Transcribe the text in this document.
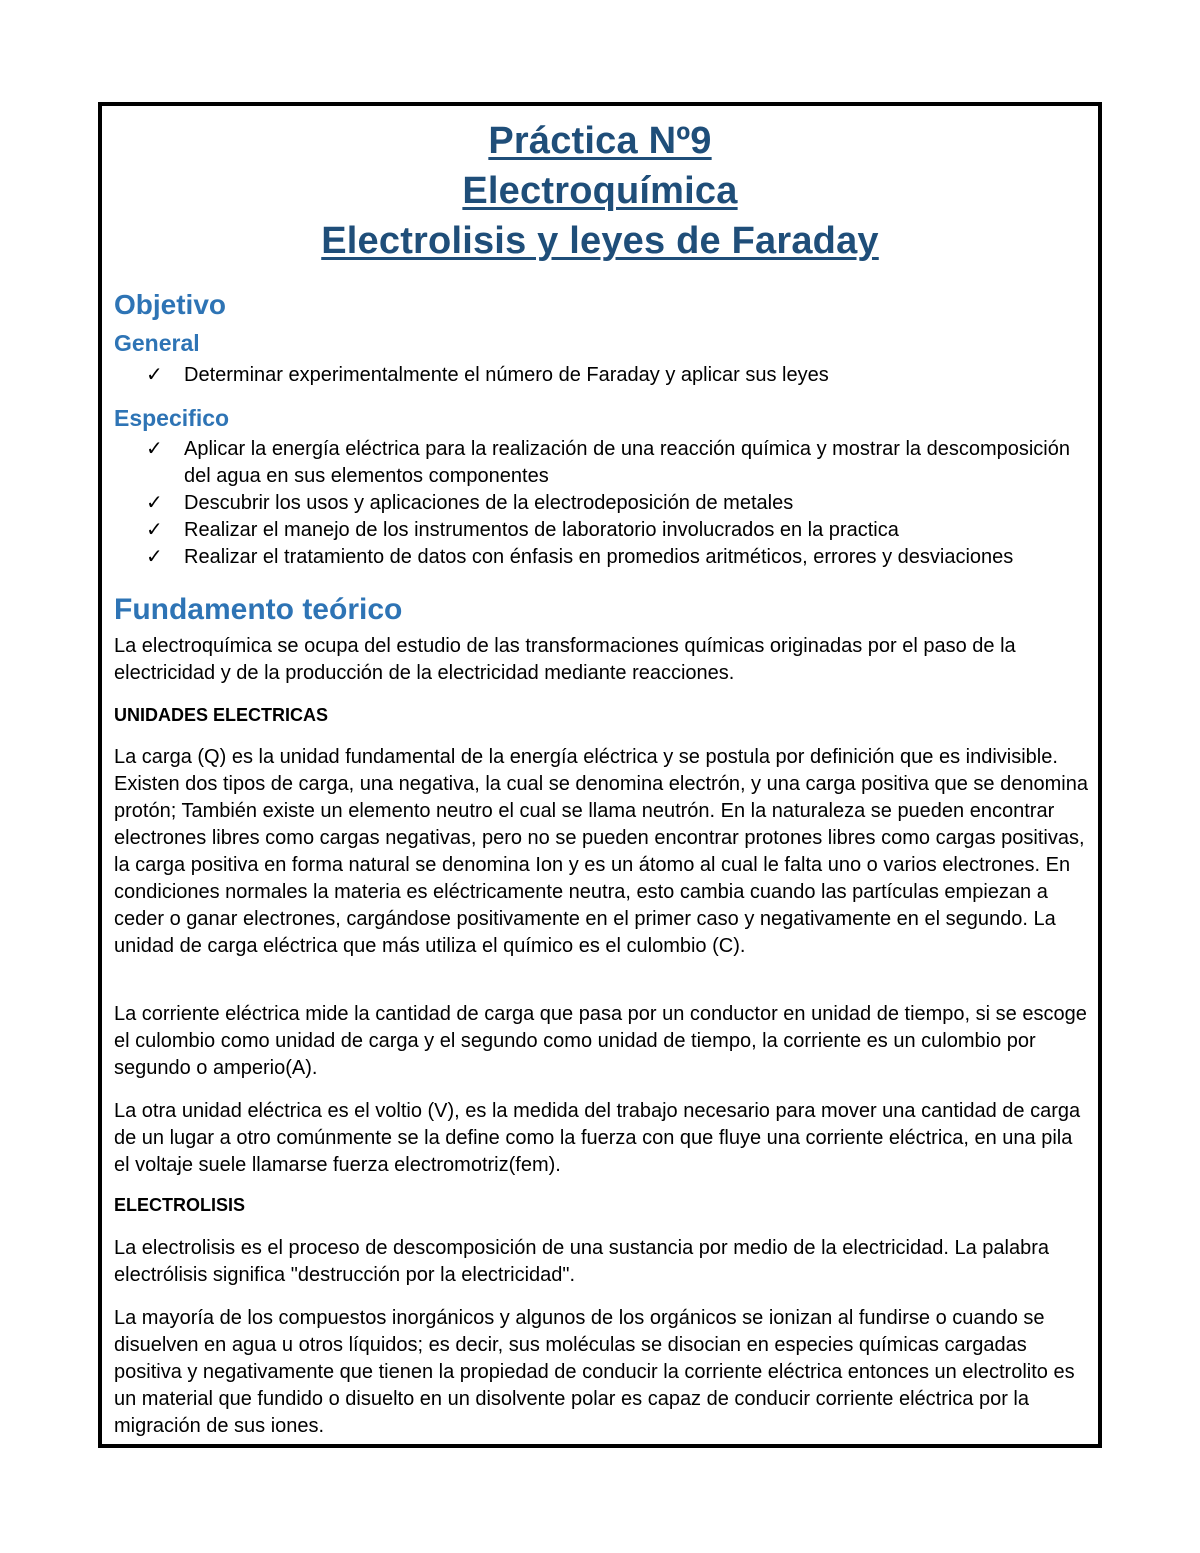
Práctica Nº9
Electroquímica
Electrolisis y leyes de Faraday
Objetivo
General
✓ Determinar experimentalmente el número de Faraday y aplicar sus leyes
Especifico
✓ Aplicar la energía eléctrica para la realización de una reacción química y mostrar la descomposición del agua en sus elementos componentes
✓ Descubrir los usos y aplicaciones de la electrodeposición de metales
✓ Realizar el manejo de los instrumentos de laboratorio involucrados en la practica
✓ Realizar el tratamiento de datos con énfasis en promedios aritméticos, errores y desviaciones
Fundamento teórico

La electroquímica se ocupa del estudio de las transformaciones químicas originadas por el paso de la electricidad y de la producción de la electricidad mediante reacciones.

UNIDADES ELECTRICAS

La carga (Q) es la unidad fundamental de la energía eléctrica y se postula por definición que es indivisible. Existen dos tipos de carga, una negativa, la cual se denomina electrón, y una carga positiva que se denomina protón; También existe un elemento neutro el cual se llama neutrón. En la naturaleza se pueden encontrar electrones libres como cargas negativas, pero no se pueden encontrar protones libres como cargas positivas, la carga positiva en forma natural se denomina Ion y es un átomo al cual le falta uno o varios electrones. En condiciones normales la materia es eléctricamente neutra, esto cambia cuando las partículas empiezan a ceder o ganar electrones, cargándose positivamente en el primer caso y negativamente en el segundo. La unidad de carga eléctrica que más utiliza el químico es el culombio (C).

La corriente eléctrica mide la cantidad de carga que pasa por un conductor en unidad de tiempo, si se escoge el culombio como unidad de carga y el segundo como unidad de tiempo, la corriente es un culombio por segundo o amperio(A).

La otra unidad eléctrica es el voltio (V), es la medida del trabajo necesario para mover una cantidad de carga de un lugar a otro comúnmente se la define como la fuerza con que fluye una corriente eléctrica, en una pila el voltaje suele llamarse fuerza electromotriz(fem).

ELECTROLISIS

La electrolisis es el proceso de descomposición de una sustancia por medio de la electricidad. La palabra electrólisis significa "destrucción por la electricidad".

La mayoría de los compuestos inorgánicos y algunos de los orgánicos se ionizan al fundirse o cuando se disuelven en agua u otros líquidos; es decir, sus moléculas se disocian en especies químicas cargadas positiva y negativamente que tienen la propiedad de conducir la corriente eléctrica entonces un electrolito es un material que fundido o disuelto en un disolvente polar es capaz de conducir corriente eléctrica por la migración de sus iones.
